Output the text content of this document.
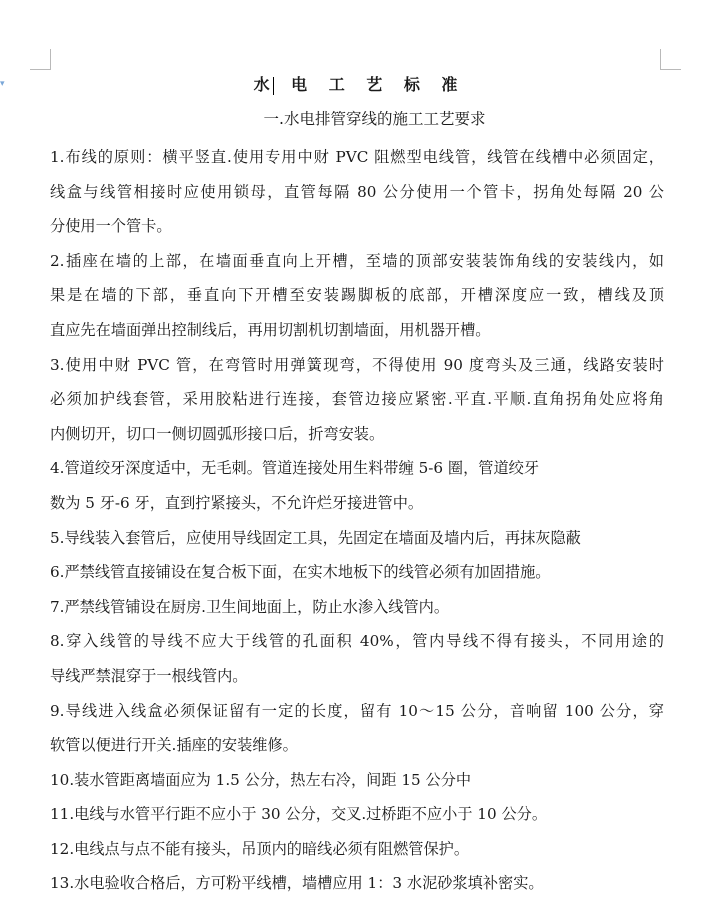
▾	水 电 工 艺 标 准
一.水电排管穿线的施工工艺要求
1.布线的原则：横平竖直.使用专用中财 PVC 阻燃型电线管，线管在线槽中必须固定，
线盒与线管相接时应使用锁母，直管每隔 80 公分使用一个管卡，拐角处每隔 20 公
分使用一个管卡。
2.插座在墙的上部，在墙面垂直向上开槽，至墙的顶部安装装饰角线的安装线内，如
果是在墙的下部，垂直向下开槽至安装踢脚板的底部，开槽深度应一致，槽线及顶
直应先在墙面弹出控制线后，再用切割机切割墙面，用机器开槽。
3.使用中财 PVC 管，在弯管时用弹簧现弯，不得使用 90 度弯头及三通，线路安装时
必须加护线套管，采用胶粘进行连接，套管边接应紧密.平直.平顺.直角拐角处应将角
内侧切开，切口一侧切圆弧形接口后，折弯安装。
4.管道绞牙深度适中，无毛刺。管道连接处用生料带缠 5-6 圈，管道绞牙
数为 5 牙-6 牙，直到拧紧接头，不允许烂牙接进管中。
5.导线装入套管后，应使用导线固定工具，先固定在墙面及墙内后，再抹灰隐蔽
6.严禁线管直接铺设在复合板下面，在实木地板下的线管必须有加固措施。
7.严禁线管铺设在厨房.卫生间地面上，防止水渗入线管内。
8.穿入线管的导线不应大于线管的孔面积 40%，管内导线不得有接头，不同用途的
导线严禁混穿于一根线管内。
9.导线进入线盒必须保证留有一定的长度，留有 10～15 公分，音响留 100 公分，穿
软管以便进行开关.插座的安装维修。
10.装水管距离墙面应为 1.5 公分，热左右冷，间距 15 公分中
11.电线与水管平行距不应小于 30 公分，交叉.过桥距不应小于 10 公分。
12.电线点与点不能有接头，吊顶内的暗线必须有阻燃管保护。
13.水电验收合格后，方可粉平线槽，墙槽应用 1：3 水泥砂浆填补密实。
